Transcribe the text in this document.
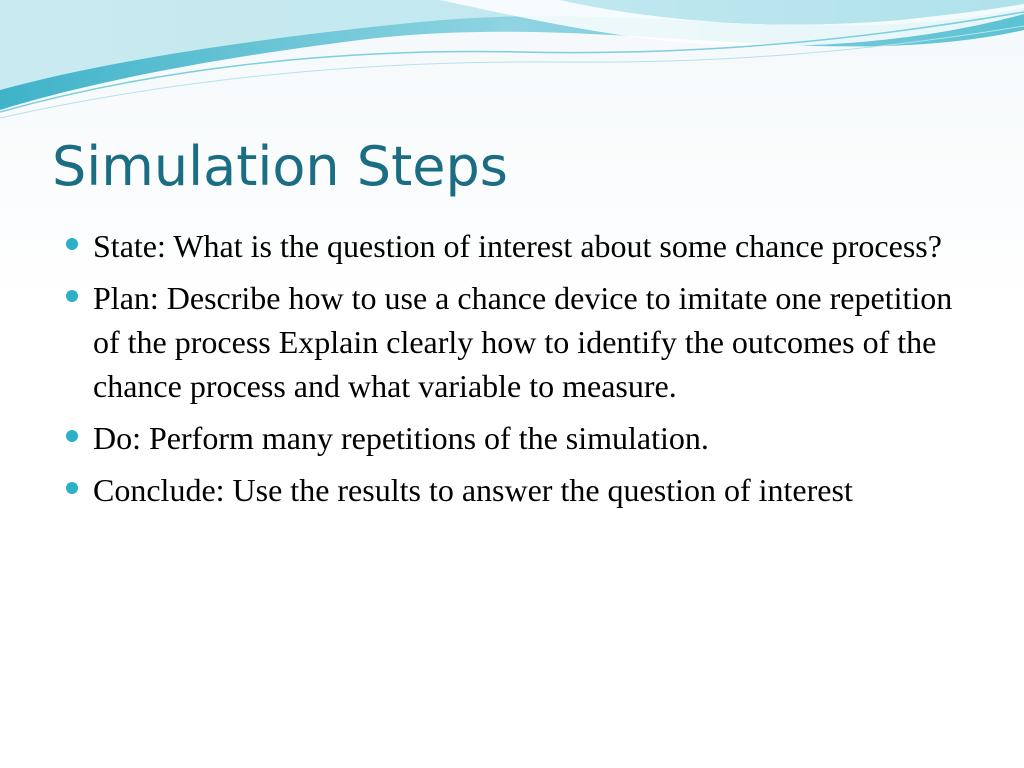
Simulation Steps
State: What is the question of interest about some chance process?
Plan: Describe how to use a chance device to imitate one repetition of the process Explain clearly how to identify the outcomes of the chance process and what variable to measure.
Do: Perform many repetitions of the simulation.
Conclude: Use the results to answer the question of interest
